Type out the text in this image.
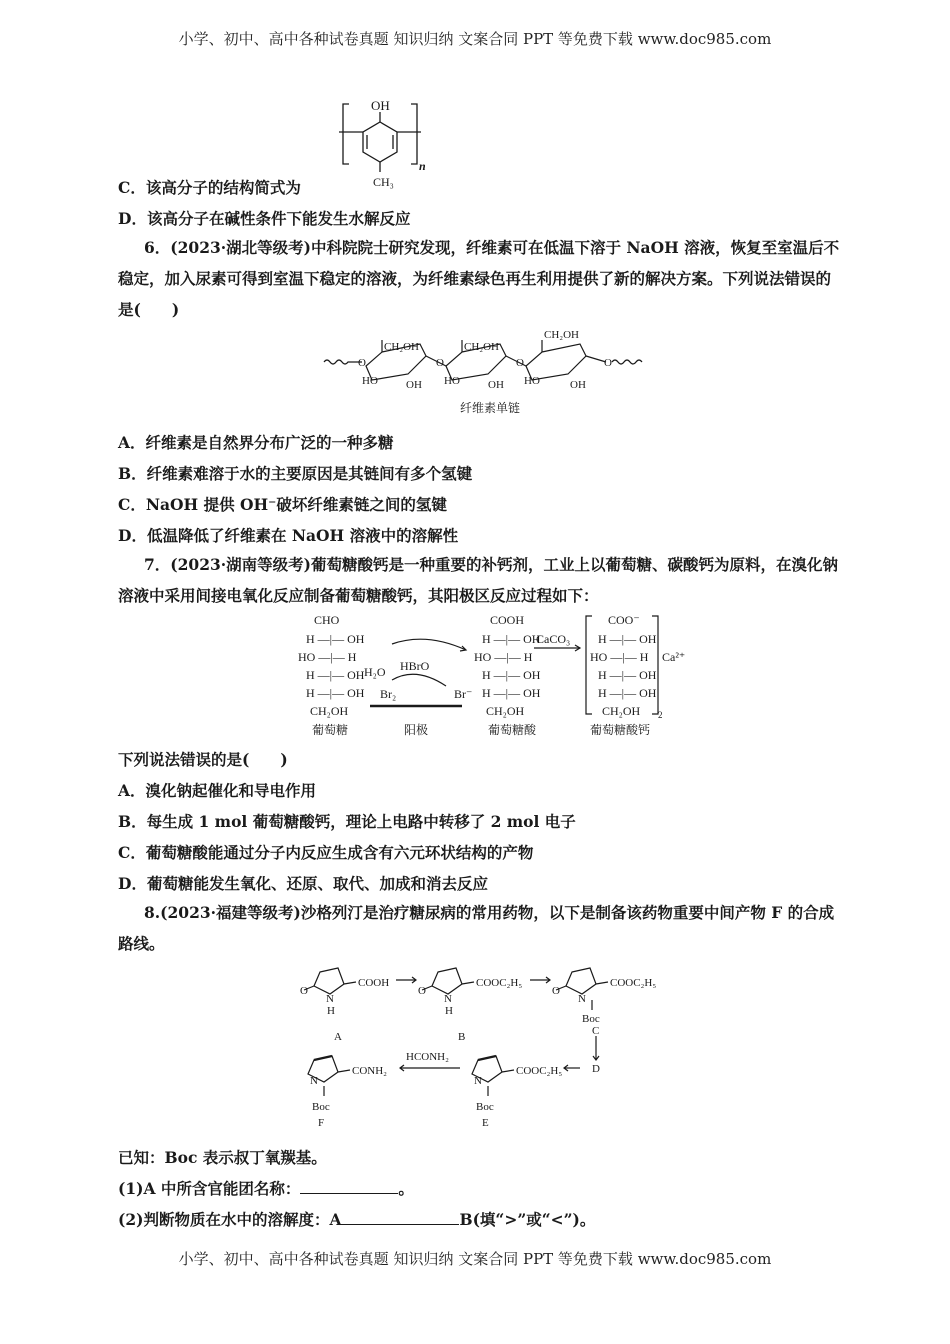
小学、初中、高中各种试卷真题 知识归纳 文案合同 PPT 等免费下载 www.doc985.com
OH
CH₃
n
C．该高分子的结构简式为
D．该高分子在碱性条件下能发生水解反应
6．(2023·湖北等级考)中科院院士研究发现，纤维素可在低温下溶于 NaOH 溶液，恢复至室温后不稳定，加入尿素可得到室温下稳定的溶液，为纤维素绿色再生利用提供了新的解决方案。下列说法错误的是(　　)
CH₂OH	CH₂OH
CH₂OH
O	O	O	O
HO	OH HO	OH HO	OH
纤维素单链
A．纤维素是自然界分布广泛的一种多糖
B．纤维素难溶于水的主要原因是其链间有多个氢键
C．NaOH 提供 OH⁻破坏纤维素链之间的氢键
D．低温降低了纤维素在 NaOH 溶液中的溶解性
7．(2023·湖南等级考)葡萄糖酸钙是一种重要的补钙剂，工业上以葡萄糖、碳酸钙为原料，在溴化钠溶液中采用间接电氧化反应制备葡萄糖酸钙，其阳极区反应过程如下：
CHO
H —|— OH
HO —|— H
H —|— OH
H —|— OH
CH₂OH
H₂O HBrO
Br₂	Br⁻
COOH
H —|— OH
HO —|— H
H —|— OH
H —|— OH
CH₂OH
CaCO₃
COO⁻
H —|— OH
HO —|— H
H —|— OH
H —|— OH
CH₂OH
Ca²⁺
2
葡萄糖	阳极	葡萄糖酸	葡萄糖酸钙
下列说法错误的是(　　)
A．溴化钠起催化和导电作用
B．每生成 1 mol 葡萄糖酸钙，理论上电路中转移了 2 mol 电子
C．葡萄糖酸能通过分子内反应生成含有六元环状结构的产物
D．葡萄糖能发生氧化、还原、取代、加成和消去反应
8.(2023·福建等级考)沙格列汀是治疗糖尿病的常用药物，以下是制备该药物重要中间产物 F 的合成路线。
O
N
H
COOH
A
O
N
H
COOC₂H₅
B
O
N
Boc
COOC₂H₅
C
D
N
COOC₂H₅
Boc
E
HCONH₂
N
CONH₂
Boc
F
已知：Boc 表示叔丁氧羰基。
(1)A 中所含官能团名称：	。
(2)判断物质在水中的溶解度：A	B(填“>”或“<”)。
小学、初中、高中各种试卷真题 知识归纳 文案合同 PPT 等免费下载 www.doc985.com
